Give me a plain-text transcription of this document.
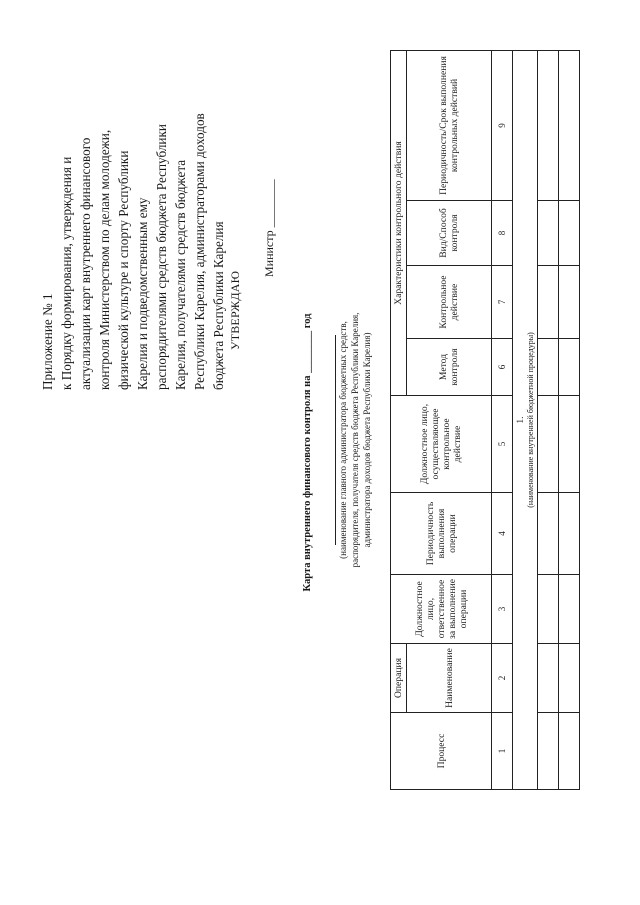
Приложение № 1 к Порядку формирования, утверждения и актуализации карт внутреннего финансового контроля Министерством по делам молодежи, физической культуре и спорту Республики Карелия и подведомственным ему распорядителями средств бюджета Республики Карелия, получателями средств бюджета Республики Карелия, администраторами доходов бюджета Республики Карелия УТВЕРЖДАЮ
Министр ________
Карта внутреннего финансового контроля на ________ год	(наименование главного администратора бюджетных средств, распорядителя, получателя средств бюджета Республики Карелия, администратора доходов бюджета Республики Карелия)
Процесс	Операция	Должностное лицо, ответственное за выполнение операции	Периодичность выполнения операции	Должностное лицо, осуществляющее контрольное действие	Характеристики контрольного действия			
	Наименование				Метод контроля	Контрольное действие	Вид/Способ контроля	Периодичность/Срок выполнения контрольных действий
1	2	3	4	5	6	7	8	9

1. (наименование внутренней бюджетной процедуры)								
